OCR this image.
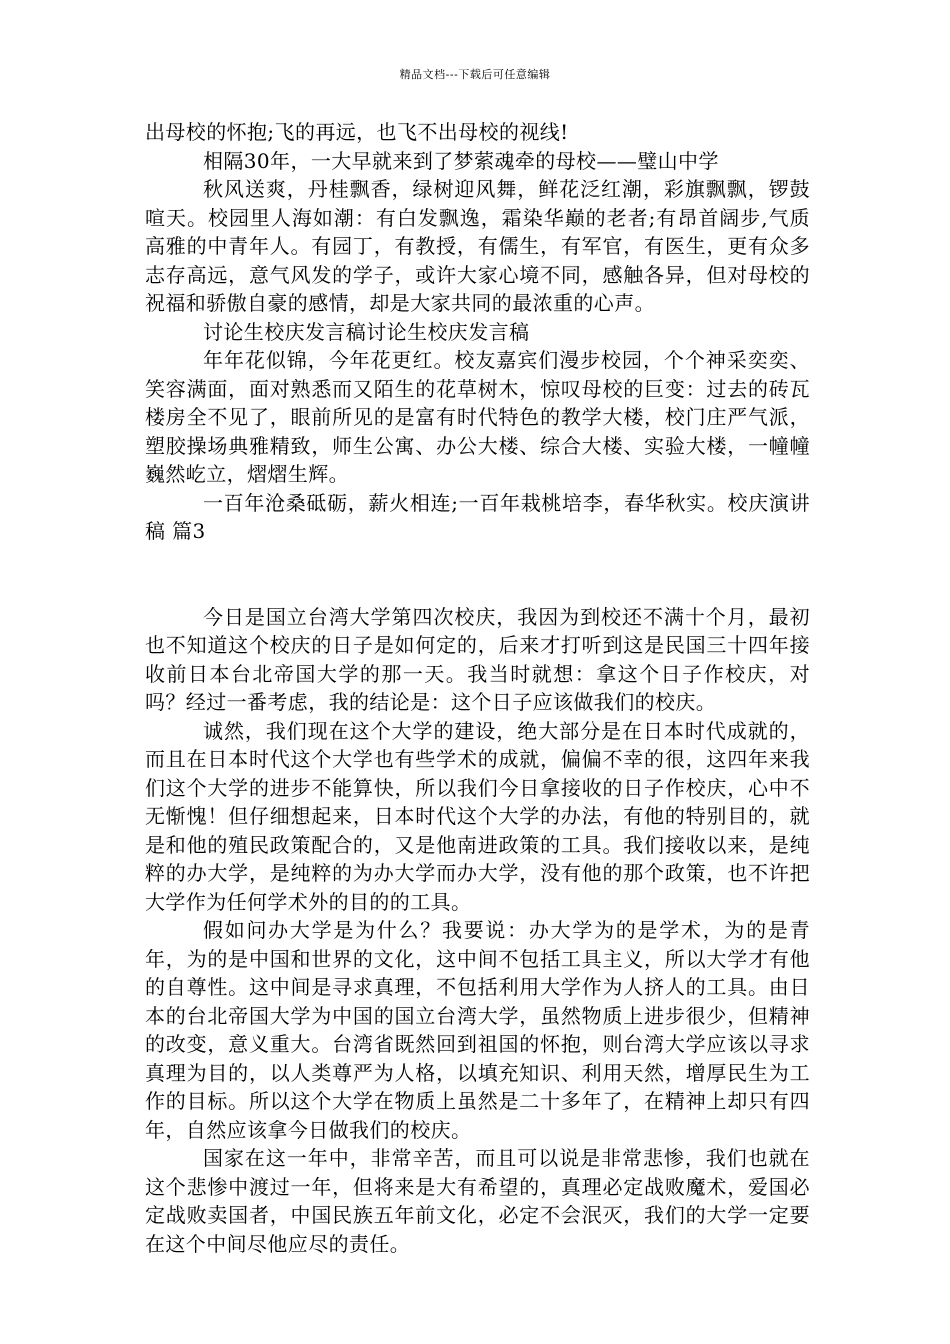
精品文档---下载后可任意编辑

出母校的怀抱;飞的再远，也飞不出母校的视线!

相隔30年，一大早就来到了梦萦魂牵的母校——璧山中学

秋风送爽，丹桂飘香，绿树迎风舞，鲜花泛红潮，彩旗飘飘，锣鼓喧天。校园里人海如潮：有白发飘逸，霜染华巅的老者;有昂首阔步,气质高雅的中青年人。有园丁，有教授，有儒生，有军官，有医生，更有众多志存高远，意气风发的学子，或许大家心境不同，感触各异，但对母校的祝福和骄傲自豪的感情，却是大家共同的最浓重的心声。

讨论生校庆发言稿讨论生校庆发言稿

年年花似锦，今年花更红。校友嘉宾们漫步校园，个个神采奕奕、笑容满面，面对熟悉而又陌生的花草树木，惊叹母校的巨变：过去的砖瓦楼房全不见了，眼前所见的是富有时代特色的教学大楼，校门庄严气派，塑胶操场典雅精致，师生公寓、办公大楼、综合大楼、实验大楼，一幢幢巍然屹立，熠熠生辉。

一百年沧桑砥砺，薪火相连;一百年栽桃培李，春华秋实。校庆演讲稿 篇3

今日是国立台湾大学第四次校庆，我因为到校还不满十个月，最初也不知道这个校庆的日子是如何定的，后来才打听到这是民国三十四年接收前日本台北帝国大学的那一天。我当时就想：拿这个日子作校庆，对吗？经过一番考虑，我的结论是：这个日子应该做我们的校庆。

诚然，我们现在这个大学的建设，绝大部分是在日本时代成就的，而且在日本时代这个大学也有些学术的成就，偏偏不幸的很，这四年来我们这个大学的进步不能算快，所以我们今日拿接收的日子作校庆，心中不无惭愧！但仔细想起来，日本时代这个大学的办法，有他的特别目的，就是和他的殖民政策配合的，又是他南进政策的工具。我们接收以来，是纯粹的办大学，是纯粹的为办大学而办大学，没有他的那个政策，也不许把大学作为任何学术外的目的的工具。

假如问办大学是为什么？我要说：办大学为的是学术，为的是青年，为的是中国和世界的文化，这中间不包括工具主义，所以大学才有他的自尊性。这中间是寻求真理，不包括利用大学作为人挤人的工具。由日本的台北帝国大学为中国的国立台湾大学，虽然物质上进步很少，但精神的改变，意义重大。台湾省既然回到祖国的怀抱，则台湾大学应该以寻求真理为目的，以人类尊严为人格，以填充知识、利用天然，增厚民生为工作的目标。所以这个大学在物质上虽然是二十多年了，在精神上却只有四年，自然应该拿今日做我们的校庆。

国家在这一年中，非常辛苦，而且可以说是非常悲惨，我们也就在这个悲惨中渡过一年，但将来是大有希望的，真理必定战败魔术，爱国必定战败卖国者，中国民族五年前文化，必定不会泯灭，我们的大学一定要在这个中间尽他应尽的责任。
